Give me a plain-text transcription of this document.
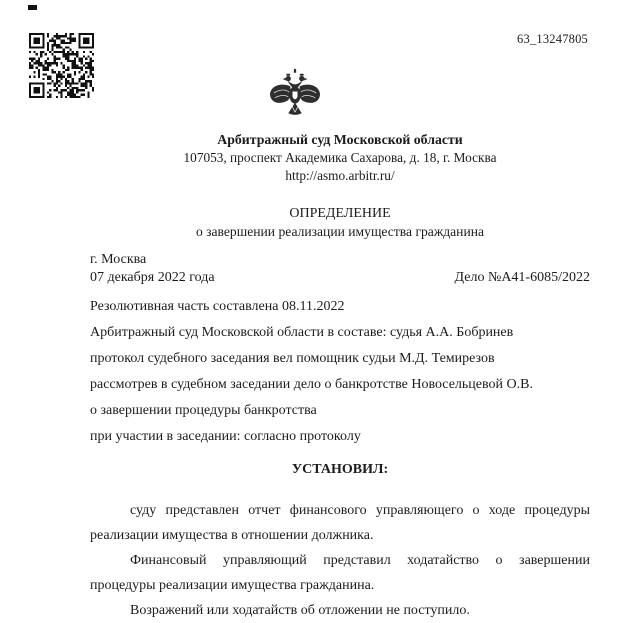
63_13247805
Арбитражный суд Московской области
107053, проспект Академика Сахарова, д. 18, г. Москва
http://asmo.arbitr.ru/
ОПРЕДЕЛЕНИЕ
о завершении реализации имущества гражданина
г. Москва
07 декабря 2022 года	Дело №А41-6085/2022
Резолютивная часть составлена 08.11.2022
Арбитражный суд Московской области в составе: судья А.А. Бобринев
протокол судебного заседания вел помощник судьи М.Д. Темирезов
рассмотрев в судебном заседании дело о банкротстве Новосельцевой О.В.
о завершении процедуры банкротства
при участии в заседании: согласно протоколу
УСТАНОВИЛ:
суду представлен отчет финансового управляющего о ходе процедуры реализации имущества в отношении должника.
Финансовый управляющий представил ходатайство о завершении процедуры реализации имущества гражданина.
Возражений или ходатайств об отложении не поступило.
